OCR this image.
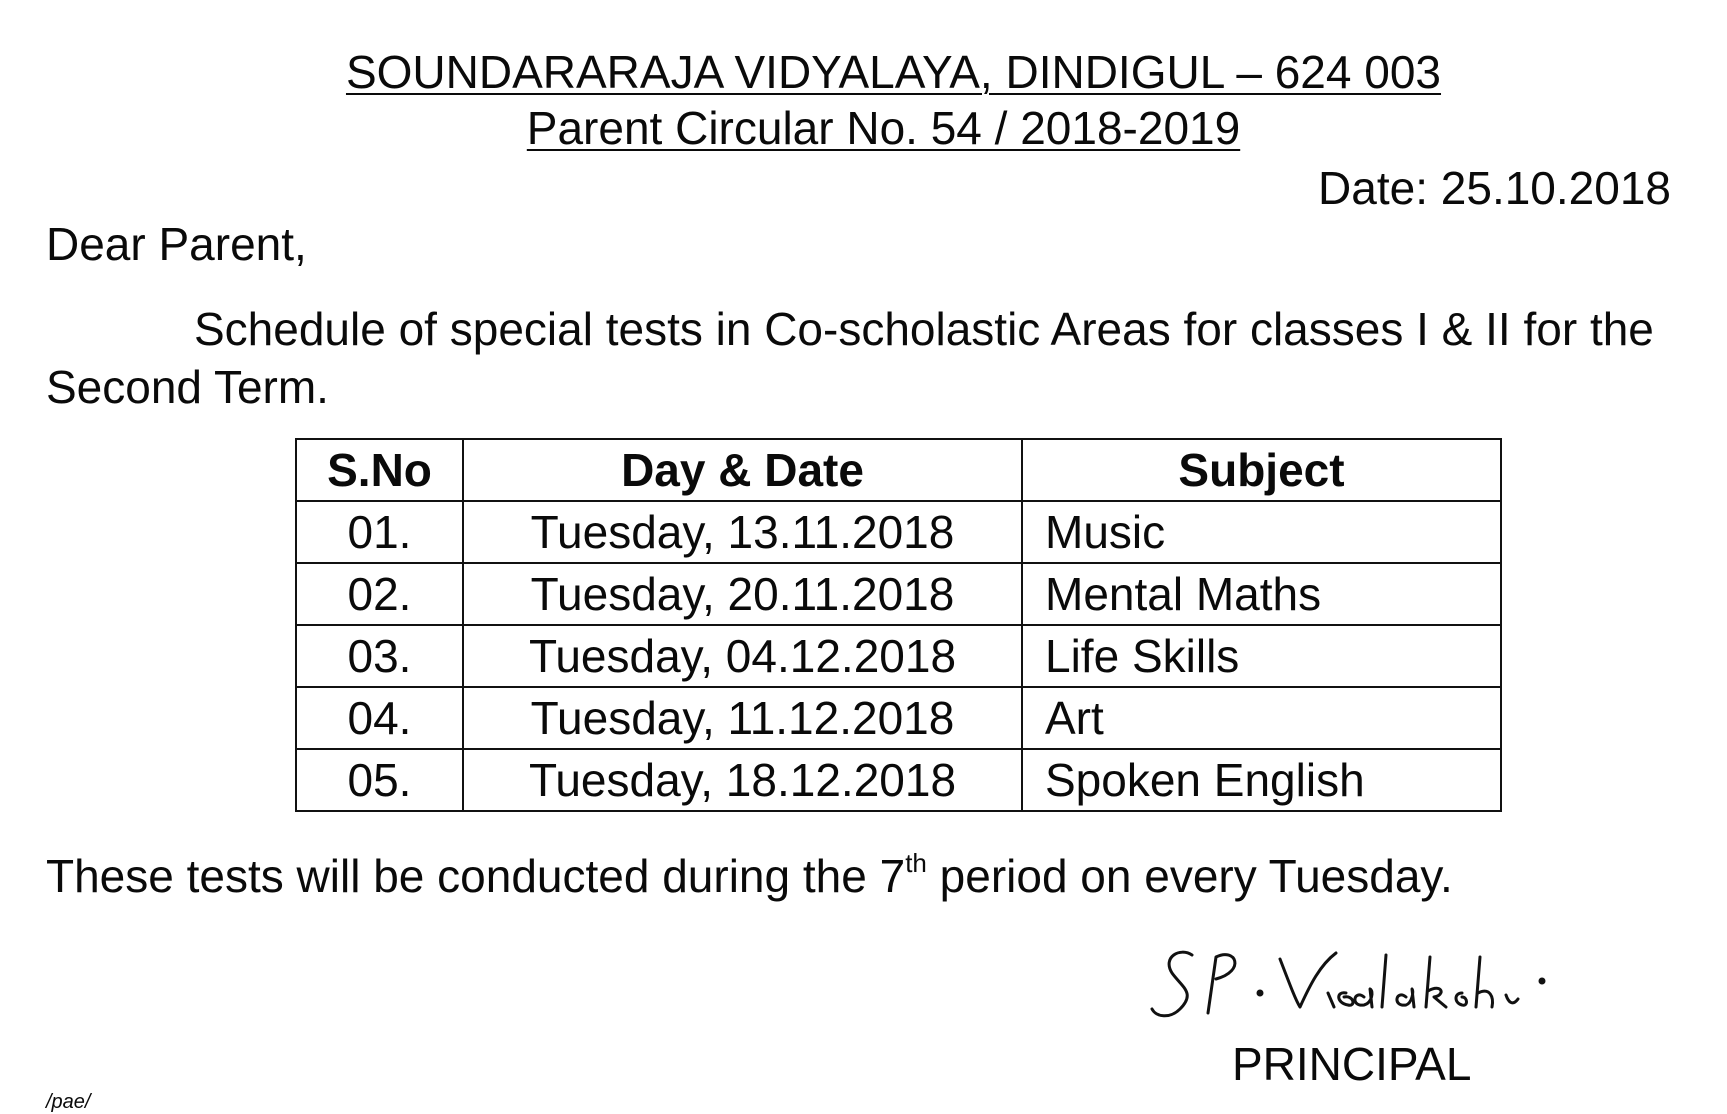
SOUNDARARAJA VIDYALAYA, DINDIGUL – 624 003
Parent Circular No. 54 / 2018-2019
Date: 25.10.2018
Dear Parent,
Schedule of special tests in Co-scholastic Areas for classes I & II for the Second Term.
S.No	Day & Date	Subject
01.	Tuesday, 13.11.2018	Music
02.	Tuesday, 20.11.2018	Mental Maths
03.	Tuesday, 04.12.2018	Life Skills
04.	Tuesday, 11.12.2018	Art
05.	Tuesday, 18.12.2018	Spoken English
These tests will be conducted during the 7th period on every Tuesday.
PRINCIPAL
/pae/
